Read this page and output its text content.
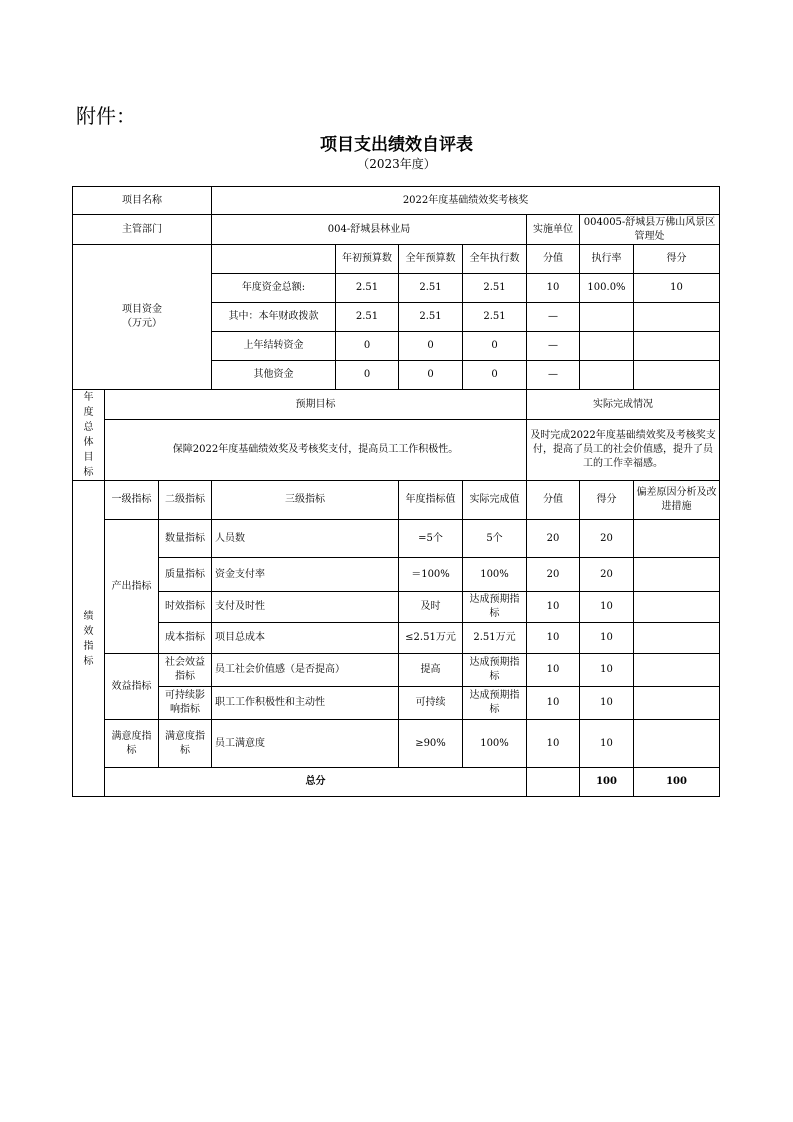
附件：
项目支出绩效自评表
（2023年度）
项目名称			2022年度基础绩效奖考核奖							
主管部门			004-舒城县林业局				实施单位	004005-舒城县万佛山风景区管理处		

项目资金
（万元）				年初预算数	全年预算数	全年执行数	分值	执行率	得分	
			年度资金总额:	2.51	2.51	2.51	10	100.0%	10	
			其中：本年财政拨款	2.51	2.51	2.51	—			
			上年结转资金	0	0	0	—			
			其他资金	0	0	0	—			

年度总体目标	预期目标						实际完成情况			
	保障2022年度基础绩效奖及考核奖支付，提高员工工作积极性。						及时完成2022年度基础绩效奖及考核奖支付，提高了员工的社会价值感，提升了员工的工作幸福感。			

绩效指标	一级指标	二级指标	三级指标		年度指标值	实际完成值	分值	得分	偏差原因分析及改进措施	
	产出指标	数量指标	人员数		=5个	5个	20	20		
		质量指标	资金支付率		＝100%	100%	20	20		
		时效指标	支付及时性		及时	达成预期指标	10	10		
		成本指标	项目总成本		≤2.51万元	2.51万元	10	10		
	效益指标	社会效益指标	员工社会价值感（是否提高）		提高	达成预期指标	10	10		
		可持续影响指标	职工工作积极性和主动性		可持续	达成预期指标	10	10		
	满意度指标	满意度指标	员工满意度		≥90%	100%	10	10		
	总分							100	100	
